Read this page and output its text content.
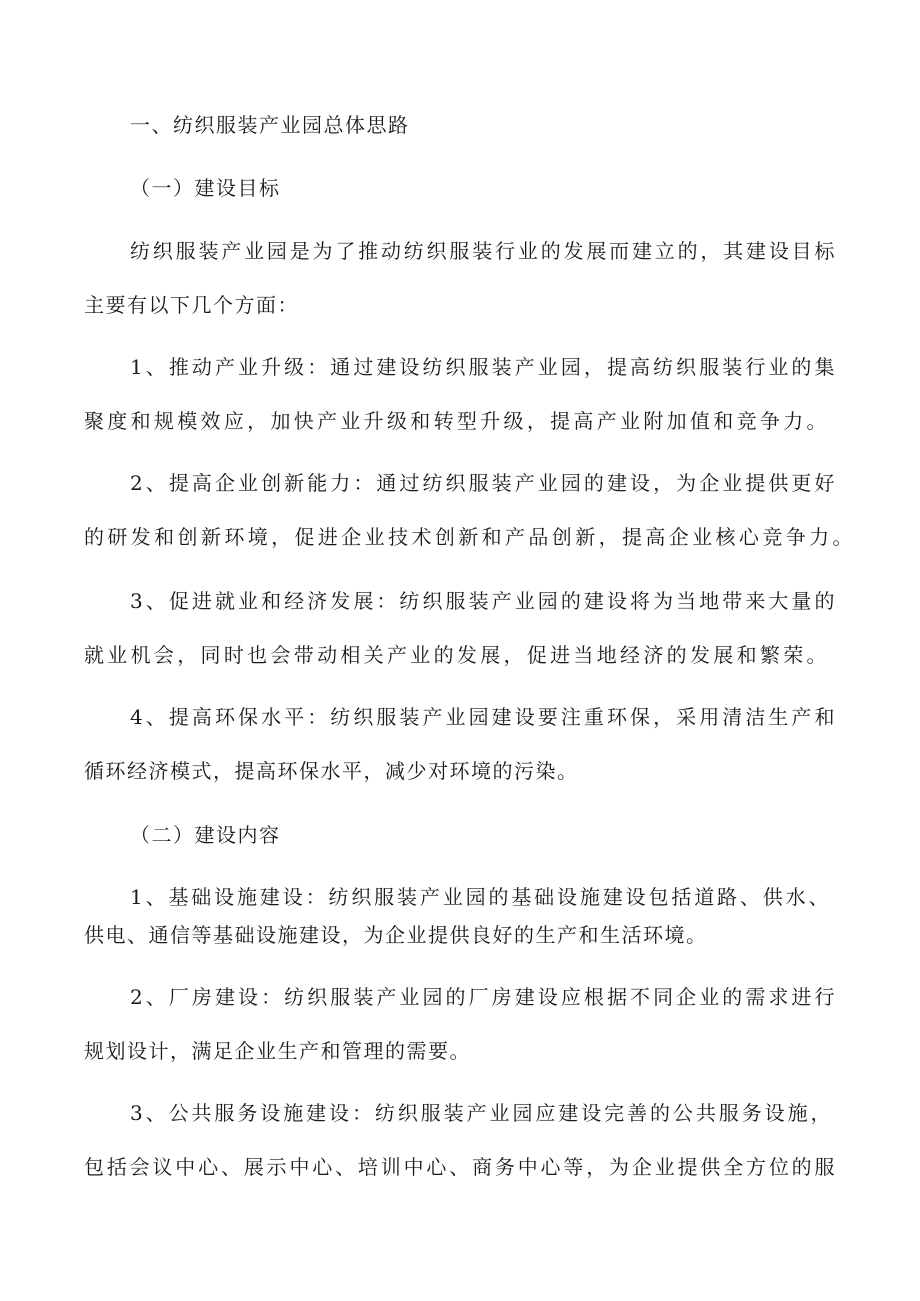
一、纺织服装产业园总体思路
（一）建设目标
纺织服装产业园是为了推动纺织服装行业的发展而建立的，其建设目标
主要有以下几个方面：
1、推动产业升级：通过建设纺织服装产业园，提高纺织服装行业的集
聚度和规模效应，加快产业升级和转型升级，提高产业附加值和竞争力。
2、提高企业创新能力：通过纺织服装产业园的建设，为企业提供更好
的研发和创新环境，促进企业技术创新和产品创新，提高企业核心竞争力。
3、促进就业和经济发展：纺织服装产业园的建设将为当地带来大量的
就业机会，同时也会带动相关产业的发展，促进当地经济的发展和繁荣。
4、提高环保水平：纺织服装产业园建设要注重环保，采用清洁生产和
循环经济模式，提高环保水平，减少对环境的污染。
（二）建设内容
1、基础设施建设：纺织服装产业园的基础设施建设包括道路、供水、
供电、通信等基础设施建设，为企业提供良好的生产和生活环境。
2、厂房建设：纺织服装产业园的厂房建设应根据不同企业的需求进行
规划设计，满足企业生产和管理的需要。
3、公共服务设施建设：纺织服装产业园应建设完善的公共服务设施，
包括会议中心、展示中心、培训中心、商务中心等，为企业提供全方位的服
